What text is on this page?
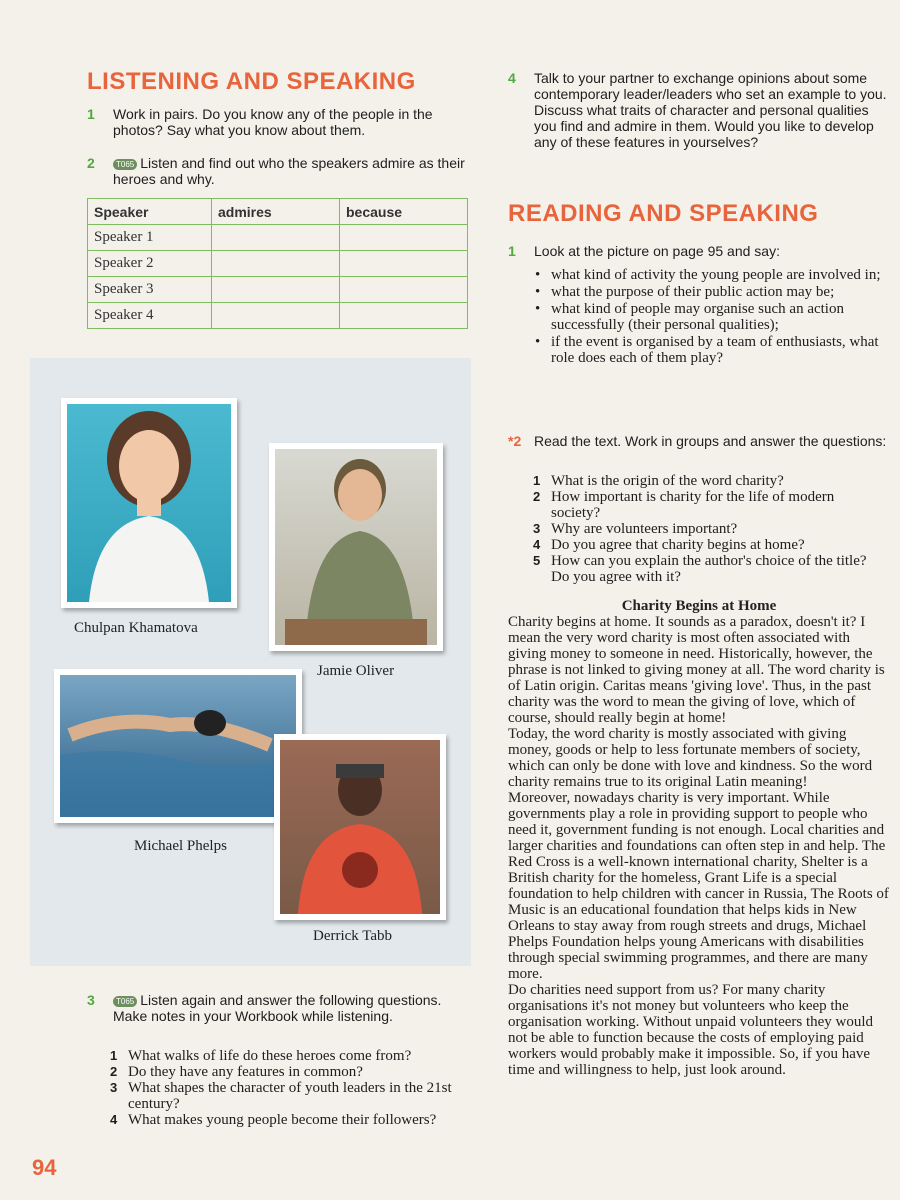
LISTENING AND SPEAKING
1	Work in pairs. Do you know any of the people in the photos? Say what you know about them.
2	T065 Listen and find out who the speakers admire as their heroes and why.
Speaker	admires	because
Speaker 1		
Speaker 2		
Speaker 3		
Speaker 4		
Chulpan Khamatova
Jamie Oliver
Michael Phelps
Derrick Tabb
3	T065 Listen again and answer the following questions. Make notes in your Workbook while listening.
1 What walks of life do these heroes come from?
2 Do they have any features in common?
3 What shapes the character of youth leaders in the 21st century?
4 What makes young people become their followers?
94
4	Talk to your partner to exchange opinions about some contemporary leader/leaders who set an example to you. Discuss what traits of character and personal qualities you find and admire in them. Would you like to develop any of these features in yourselves?
READING AND SPEAKING
1	Look at the picture on page 95 and say:
• what kind of activity the young people are involved in;
• what the purpose of their public action may be;
• what kind of people may organise such an action successfully (their personal qualities);
• if the event is organised by a team of enthusiasts, what role does each of them play?
*2 Read the text. Work in groups and answer the questions:
1 What is the origin of the word charity?
2 How important is charity for the life of modern society?
3 Why are volunteers important?
4 Do you agree that charity begins at home?
5 How can you explain the author's choice of the title? Do you agree with it?
Charity Begins at Home

Charity begins at home. It sounds as a paradox, doesn't it? I mean the very word charity is most often associated with giving money to someone in need. Historically, however, the phrase is not linked to giving money at all. The word charity is of Latin origin. Caritas means 'giving love'. Thus, in the past charity was the word to mean the giving of love, which of course, should really begin at home!

Today, the word charity is mostly associated with giving money, goods or help to less fortunate members of society, which can only be done with love and kindness. So the word charity remains true to its original Latin meaning!

Moreover, nowadays charity is very important. While governments play a role in providing support to people who need it, government funding is not enough. Local charities and larger charities and foundations can often step in and help. The Red Cross is a well-known international charity, Shelter is a British charity for the homeless, Grant Life is a special foundation to help children with cancer in Russia, The Roots of Music is an educational foundation that helps kids in New Orleans to stay away from rough streets and drugs, Michael Phelps Foundation helps young Americans with disabilities through special swimming programmes, and there are many more.

Do charities need support from us? For many charity organisations it's not money but volunteers who keep the organisation working. Without unpaid volunteers they would not be able to function because the costs of employing paid workers would probably make it impossible. So, if you have time and willingness to help, just look around.
